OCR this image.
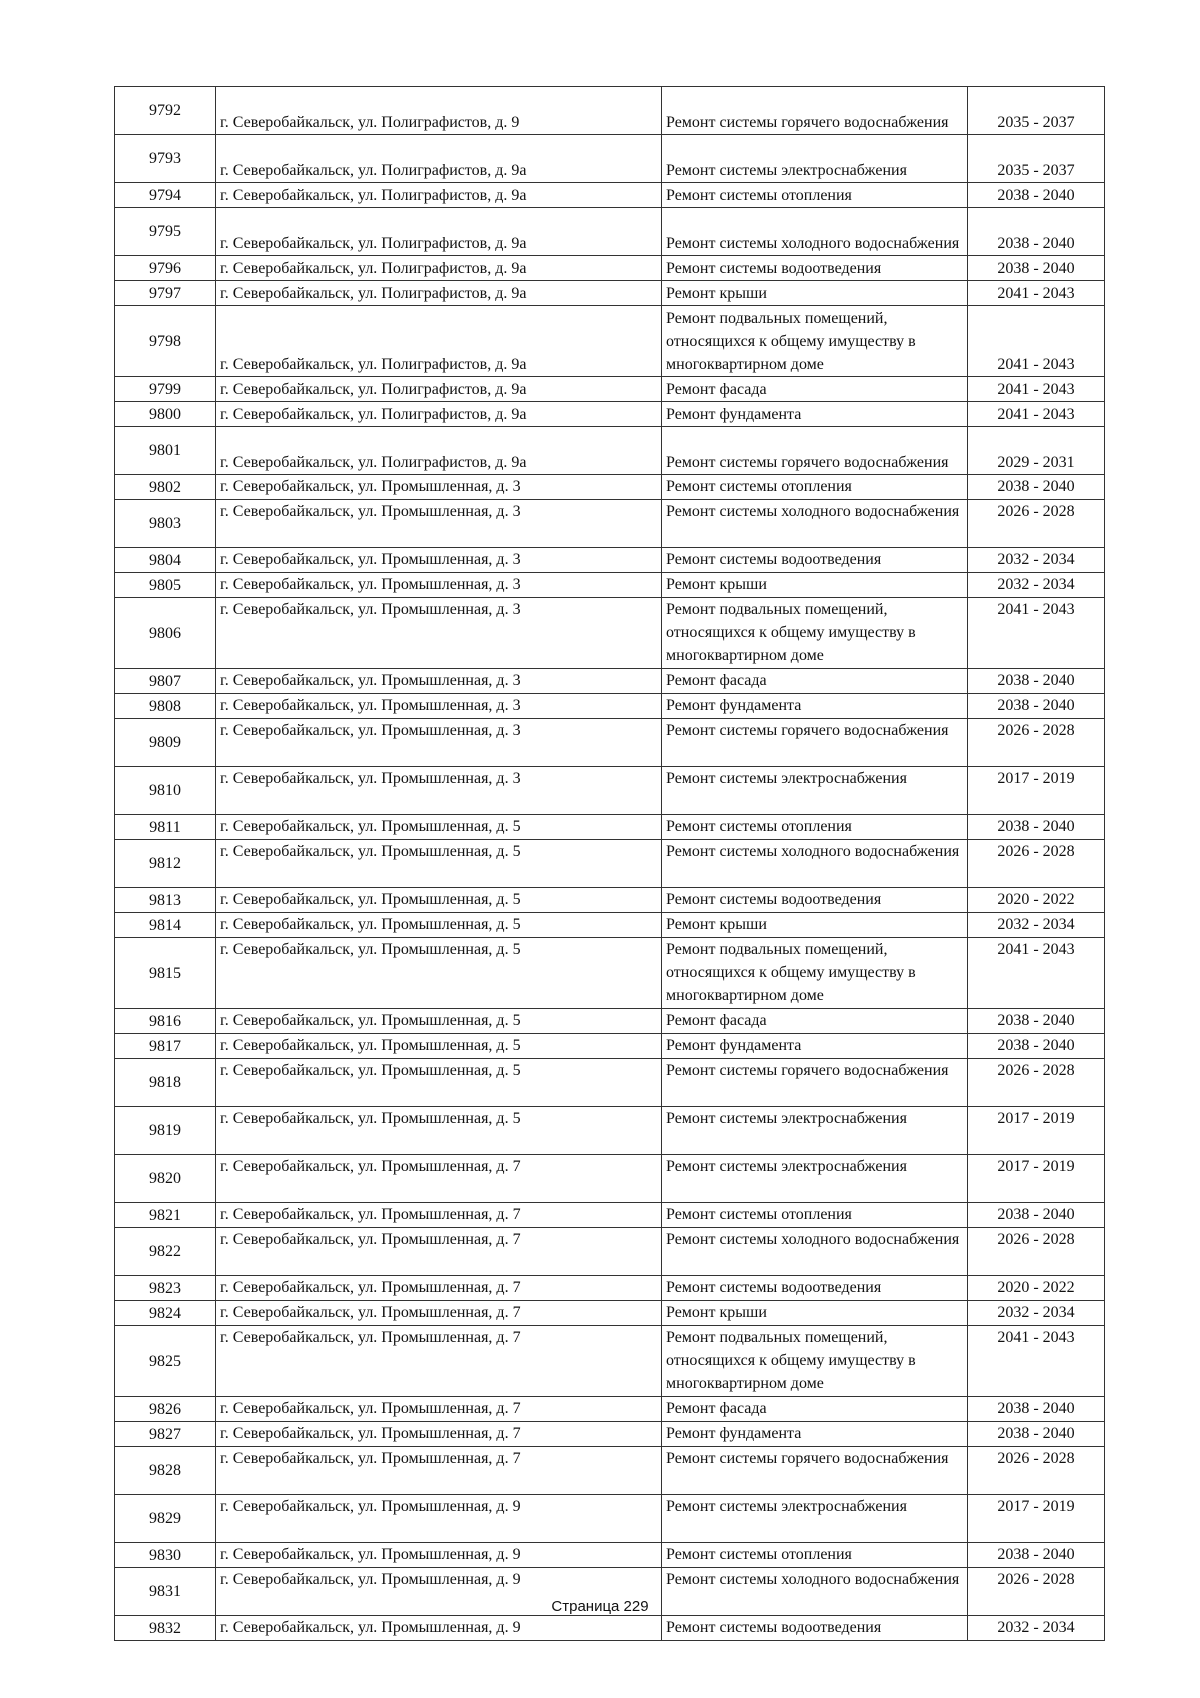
9792	г. Северобайкальск, ул. Полиграфистов, д. 9	Ремонт системы горячего водоснабжения	2035 - 2037
9793	г. Северобайкальск, ул. Полиграфистов, д. 9а	Ремонт системы электроснабжения	2035 - 2037
9794	г. Северобайкальск, ул. Полиграфистов, д. 9а	Ремонт системы отопления	2038 - 2040
9795	г. Северобайкальск, ул. Полиграфистов, д. 9а	Ремонт системы холодного водоснабжения	2038 - 2040
9796	г. Северобайкальск, ул. Полиграфистов, д. 9а	Ремонт системы водоотведения	2038 - 2040
9797	г. Северобайкальск, ул. Полиграфистов, д. 9а	Ремонт крыши	2041 - 2043
9798	г. Северобайкальск, ул. Полиграфистов, д. 9а	Ремонт подвальных помещений, относящихся к общему имуществу в многоквартирном доме	2041 - 2043
9799	г. Северобайкальск, ул. Полиграфистов, д. 9а	Ремонт фасада	2041 - 2043
9800	г. Северобайкальск, ул. Полиграфистов, д. 9а	Ремонт фундамента	2041 - 2043
9801	г. Северобайкальск, ул. Полиграфистов, д. 9а	Ремонт системы горячего водоснабжения	2029 - 2031
9802	г. Северобайкальск, ул. Промышленная, д. 3	Ремонт системы отопления	2038 - 2040
9803	г. Северобайкальск, ул. Промышленная, д. 3	Ремонт системы холодного водоснабжения	2026 - 2028
9804	г. Северобайкальск, ул. Промышленная, д. 3	Ремонт системы водоотведения	2032 - 2034
9805	г. Северобайкальск, ул. Промышленная, д. 3	Ремонт крыши	2032 - 2034
9806	г. Северобайкальск, ул. Промышленная, д. 3	Ремонт подвальных помещений, относящихся к общему имуществу в многоквартирном доме	2041 - 2043
9807	г. Северобайкальск, ул. Промышленная, д. 3	Ремонт фасада	2038 - 2040
9808	г. Северобайкальск, ул. Промышленная, д. 3	Ремонт фундамента	2038 - 2040
9809	г. Северобайкальск, ул. Промышленная, д. 3	Ремонт системы горячего водоснабжения	2026 - 2028
9810	г. Северобайкальск, ул. Промышленная, д. 3	Ремонт системы электроснабжения	2017 - 2019
9811	г. Северобайкальск, ул. Промышленная, д. 5	Ремонт системы отопления	2038 - 2040
9812	г. Северобайкальск, ул. Промышленная, д. 5	Ремонт системы холодного водоснабжения	2026 - 2028
9813	г. Северобайкальск, ул. Промышленная, д. 5	Ремонт системы водоотведения	2020 - 2022
9814	г. Северобайкальск, ул. Промышленная, д. 5	Ремонт крыши	2032 - 2034
9815	г. Северобайкальск, ул. Промышленная, д. 5	Ремонт подвальных помещений, относящихся к общему имуществу в многоквартирном доме	2041 - 2043
9816	г. Северобайкальск, ул. Промышленная, д. 5	Ремонт фасада	2038 - 2040
9817	г. Северобайкальск, ул. Промышленная, д. 5	Ремонт фундамента	2038 - 2040
9818	г. Северобайкальск, ул. Промышленная, д. 5	Ремонт системы горячего водоснабжения	2026 - 2028
9819	г. Северобайкальск, ул. Промышленная, д. 5	Ремонт системы электроснабжения	2017 - 2019
9820	г. Северобайкальск, ул. Промышленная, д. 7	Ремонт системы электроснабжения	2017 - 2019
9821	г. Северобайкальск, ул. Промышленная, д. 7	Ремонт системы отопления	2038 - 2040
9822	г. Северобайкальск, ул. Промышленная, д. 7	Ремонт системы холодного водоснабжения	2026 - 2028
9823	г. Северобайкальск, ул. Промышленная, д. 7	Ремонт системы водоотведения	2020 - 2022
9824	г. Северобайкальск, ул. Промышленная, д. 7	Ремонт крыши	2032 - 2034
9825	г. Северобайкальск, ул. Промышленная, д. 7	Ремонт подвальных помещений, относящихся к общему имуществу в многоквартирном доме	2041 - 2043
9826	г. Северобайкальск, ул. Промышленная, д. 7	Ремонт фасада	2038 - 2040
9827	г. Северобайкальск, ул. Промышленная, д. 7	Ремонт фундамента	2038 - 2040
9828	г. Северобайкальск, ул. Промышленная, д. 7	Ремонт системы горячего водоснабжения	2026 - 2028
9829	г. Северобайкальск, ул. Промышленная, д. 9	Ремонт системы электроснабжения	2017 - 2019
9830	г. Северобайкальск, ул. Промышленная, д. 9	Ремонт системы отопления	2038 - 2040
9831	г. Северобайкальск, ул. Промышленная, д. 9	Ремонт системы холодного водоснабжения	2026 - 2028
9832	г. Северобайкальск, ул. Промышленная, д. 9	Ремонт системы водоотведения	2032 - 2034
Страница 229
